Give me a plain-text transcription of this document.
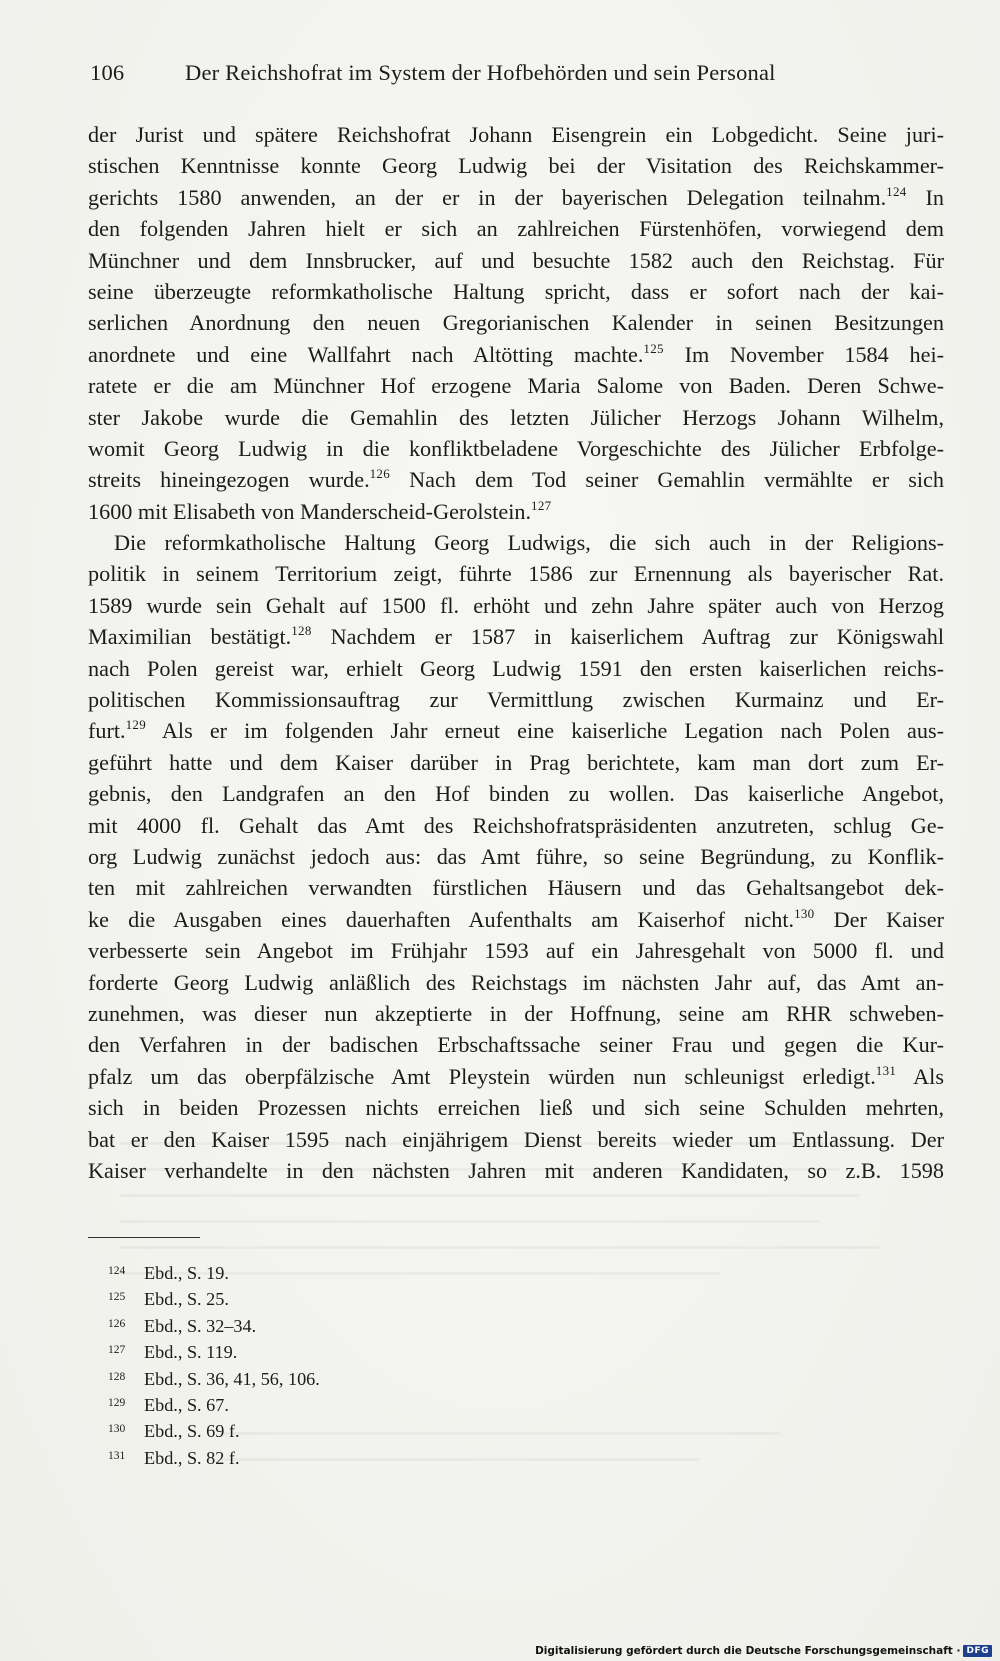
106	Der Reichshofrat im System der Hofbehörden und sein Personal
der Jurist und spätere Reichshofrat Johann Eisengrein ein Lobgedicht. Seine juri-
stischen Kenntnisse konnte Georg Ludwig bei der Visitation des Reichskammer-
gerichts 1580 anwenden, an der er in der bayerischen Delegation teilnahm.$^{124}$ In
den folgenden Jahren hielt er sich an zahlreichen Fürstenhöfen, vorwiegend dem
Münchner und dem Innsbrucker, auf und besuchte 1582 auch den Reichstag. Für
seine überzeugte reformkatholische Haltung spricht, dass er sofort nach der kai-
serlichen Anordnung den neuen Gregorianischen Kalender in seinen Besitzungen
anordnete und eine Wallfahrt nach Altötting machte.$^{125}$ Im November 1584 hei-
ratete er die am Münchner Hof erzogene Maria Salome von Baden. Deren Schwe-
ster Jakobe wurde die Gemahlin des letzten Jülicher Herzogs Johann Wilhelm,
womit Georg Ludwig in die konfliktbeladene Vorgeschichte des Jülicher Erbfolge-
streits hineingezogen wurde.$^{126}$ Nach dem Tod seiner Gemahlin vermählte er sich
1600 mit Elisabeth von Manderscheid-Gerolstein.$^{127}$
Die reformkatholische Haltung Georg Ludwigs, die sich auch in der Religions-
politik in seinem Territorium zeigt, führte 1586 zur Ernennung als bayerischer Rat.
1589 wurde sein Gehalt auf 1500 fl. erhöht und zehn Jahre später auch von Herzog
Maximilian bestätigt.$^{128}$ Nachdem er 1587 in kaiserlichem Auftrag zur Königswahl
nach Polen gereist war, erhielt Georg Ludwig 1591 den ersten kaiserlichen reichs-
politischen Kommissionsauftrag zur Vermittlung zwischen Kurmainz und Er-
furt.$^{129}$ Als er im folgenden Jahr erneut eine kaiserliche Legation nach Polen aus-
geführt hatte und dem Kaiser darüber in Prag berichtete, kam man dort zum Er-
gebnis, den Landgrafen an den Hof binden zu wollen. Das kaiserliche Angebot,
mit 4000 fl. Gehalt das Amt des Reichshofratspräsidenten anzutreten, schlug Ge-
org Ludwig zunächst jedoch aus: das Amt führe, so seine Begründung, zu Konflik-
ten mit zahlreichen verwandten fürstlichen Häusern und das Gehaltsangebot dek-
ke die Ausgaben eines dauerhaften Aufenthalts am Kaiserhof nicht.$^{130}$ Der Kaiser
verbesserte sein Angebot im Frühjahr 1593 auf ein Jahresgehalt von 5000 fl. und
forderte Georg Ludwig anläßlich des Reichstags im nächsten Jahr auf, das Amt an-
zunehmen, was dieser nun akzeptierte in der Hoffnung, seine am RHR schweben-
den Verfahren in der badischen Erbschaftssache seiner Frau und gegen die Kur-
pfalz um das oberpfälzische Amt Pleystein würden nun schleunigst erledigt.$^{131}$ Als
sich in beiden Prozessen nichts erreichen ließ und sich seine Schulden mehrten,
bat er den Kaiser 1595 nach einjährigem Dienst bereits wieder um Entlassung. Der
Kaiser verhandelte in den nächsten Jahren mit anderen Kandidaten, so z.B. 1598
124 Ebd., S. 19.
125 Ebd., S. 25.
126 Ebd., S. 32–34.
127 Ebd., S. 119.
128 Ebd., S. 36, 41, 56, 106.
129 Ebd., S. 67.
130 Ebd., S. 69 f.
131 Ebd., S. 82 f.
Digitalisierung gefördert durch die Deutsche Forschungsgemeinschaft · DFG
